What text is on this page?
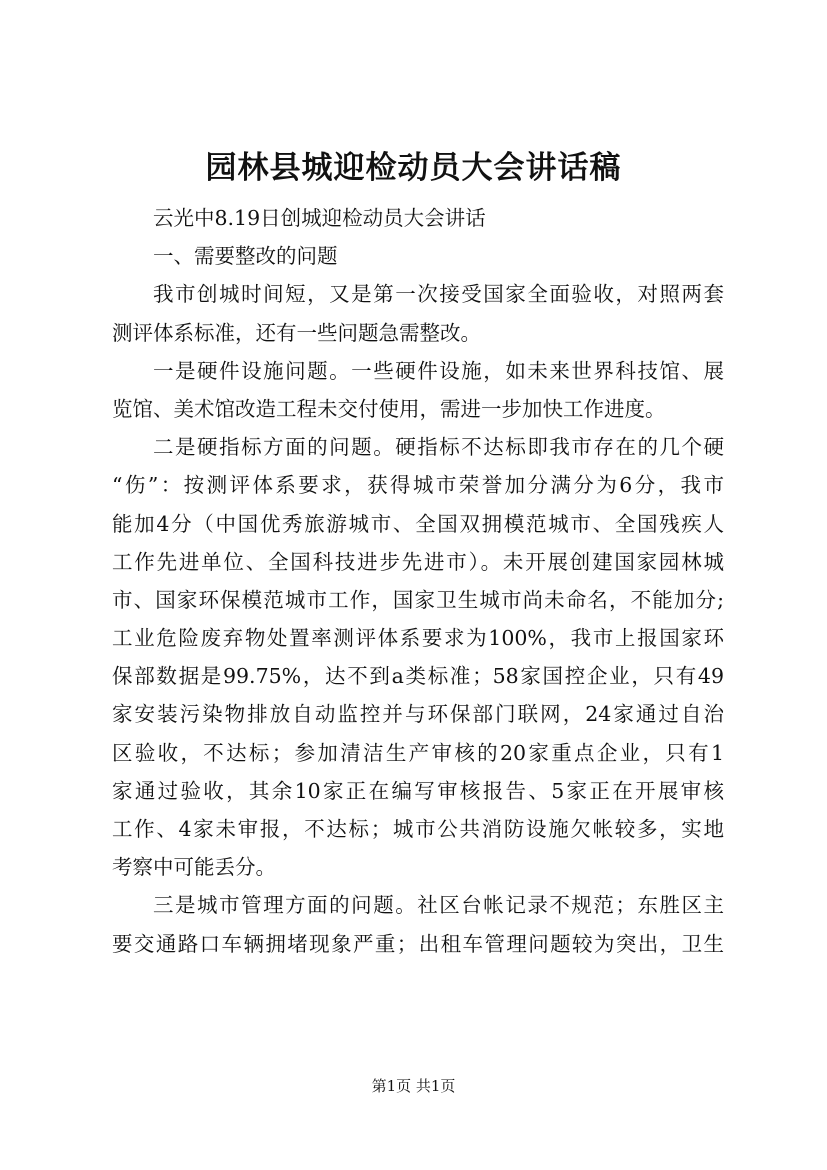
园林县城迎检动员大会讲话稿
云光中8.19日创城迎检动员大会讲话
一、需要整改的问题
我市创城时间短，又是第一次接受国家全面验收，对照两套
测评体系标准，还有一些问题急需整改。
一是硬件设施问题。一些硬件设施，如未来世界科技馆、展
览馆、美术馆改造工程未交付使用，需进一步加快工作进度。
二是硬指标方面的问题。硬指标不达标即我市存在的几个硬
“伤”：按测评体系要求，获得城市荣誉加分满分为6分，我市
能加4分（中国优秀旅游城市、全国双拥模范城市、全国残疾人
工作先进单位、全国科技进步先进市）。未开展创建国家园林城
市、国家环保模范城市工作，国家卫生城市尚未命名，不能加分;
工业危险废弃物处置率测评体系要求为100%，我市上报国家环
保部数据是99.75%，达不到a类标准；58家国控企业，只有49
家安装污染物排放自动监控并与环保部门联网，24家通过自治
区验收，不达标；参加清洁生产审核的20家重点企业，只有1
家通过验收，其余10家正在编写审核报告、5家正在开展审核
工作、4家未审报，不达标；城市公共消防设施欠帐较多，实地
考察中可能丢分。
三是城市管理方面的问题。社区台帐记录不规范；东胜区主
要交通路口车辆拥堵现象严重；出租车管理问题较为突出，卫生
第1页 共1页
